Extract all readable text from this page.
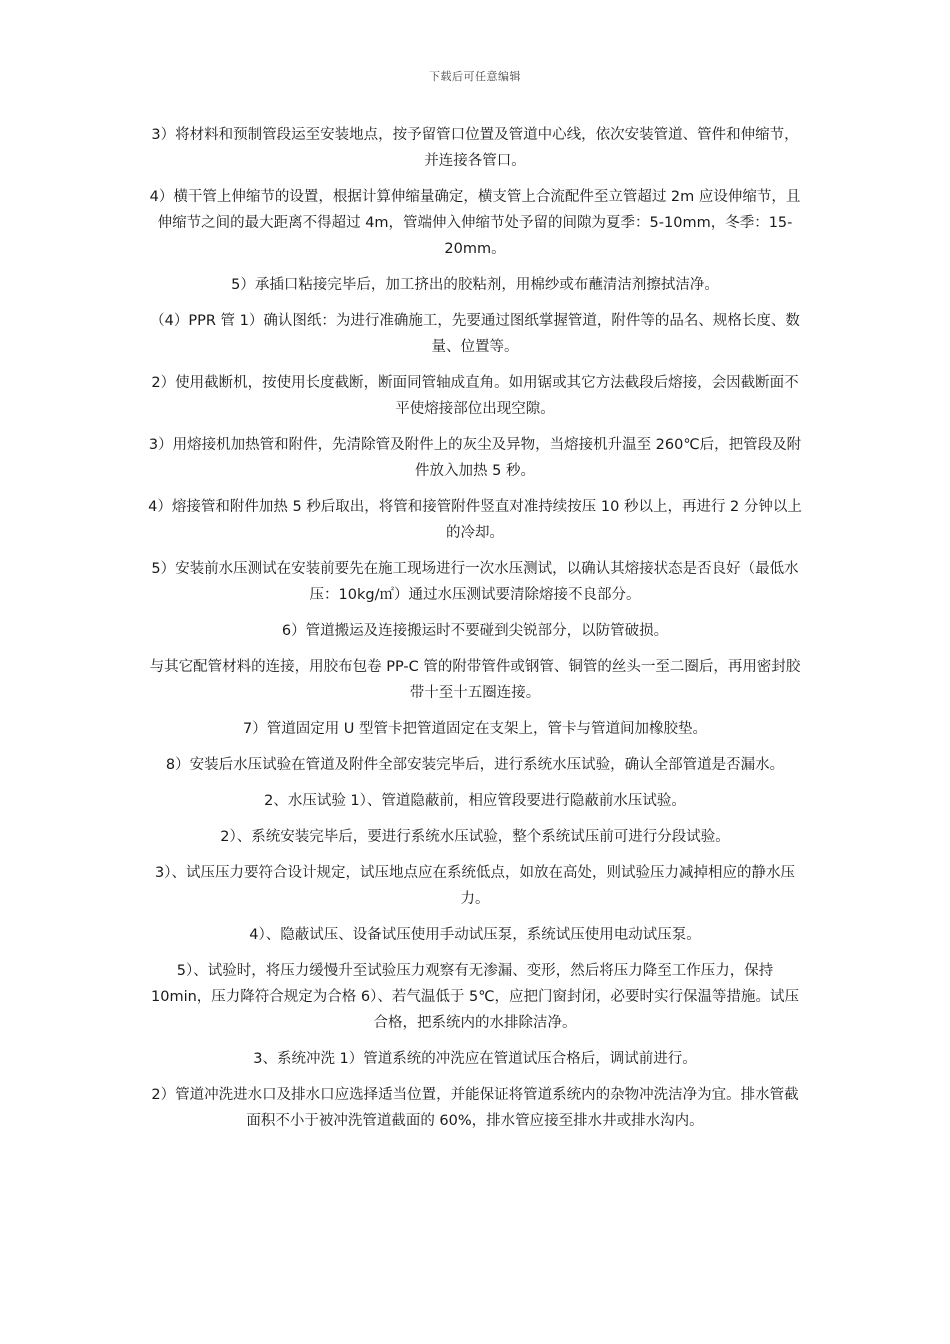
下载后可任意编辑

3）将材料和预制管段运至安装地点，按予留管口位置及管道中心线，依次安装管道、管件和伸缩节，并连接各管口。

4）横干管上伸缩节的设置，根据计算伸缩量确定，横支管上合流配件至立管超过 2m 应设伸缩节，且伸缩节之间的最大距离不得超过 4m，管端伸入伸缩节处予留的间隙为夏季：5-10mm，冬季：15-20mm。

5）承插口粘接完毕后，加工挤出的胶粘剂，用棉纱或布蘸清洁剂擦拭洁净。

（4）PPR 管 1）确认图纸：为进行准确施工，先要通过图纸掌握管道，附件等的品名、规格长度、数量、位置等。

2）使用截断机，按使用长度截断，断面同管轴成直角。如用锯或其它方法截段后熔接，会因截断面不平使熔接部位出现空隙。

3）用熔接机加热管和附件，先清除管及附件上的灰尘及异物，当熔接机升温至 260℃后，把管段及附件放入加热 5 秒。

4）熔接管和附件加热 5 秒后取出，将管和接管附件竖直对准持续按压 10 秒以上，再进行 2 分钟以上的冷却。

5）安装前水压测试在安装前要先在施工现场进行一次水压测试，以确认其熔接状态是否良好（最低水压：10kg/㎡）通过水压测试要清除熔接不良部分。

6）管道搬运及连接搬运时不要碰到尖锐部分，以防管破损。

与其它配管材料的连接，用胶布包卷 PP-C 管的附带管件或钢管、铜管的丝头一至二圈后，再用密封胶带十至十五圈连接。

7）管道固定用 U 型管卡把管道固定在支架上，管卡与管道间加橡胶垫。

8）安装后水压试验在管道及附件全部安装完毕后，进行系统水压试验，确认全部管道是否漏水。

2、水压试验 1）、管道隐蔽前，相应管段要进行隐蔽前水压试验。

2）、系统安装完毕后，要进行系统水压试验，整个系统试压前可进行分段试验。

3）、试压压力要符合设计规定，试压地点应在系统低点，如放在高处，则试验压力减掉相应的静水压力。

4）、隐蔽试压、设备试压使用手动试压泵，系统试压使用电动试压泵。

5）、试验时，将压力缓慢升至试验压力观察有无渗漏、变形，然后将压力降至工作压力，保持 10min，压力降符合规定为合格 6）、若气温低于 5℃，应把门窗封闭，必要时实行保温等措施。试压合格，把系统内的水排除洁净。

3、系统冲洗 1）管道系统的冲洗应在管道试压合格后，调试前进行。

2）管道冲洗进水口及排水口应选择适当位置，并能保证将管道系统内的杂物冲洗洁净为宜。排水管截面积不小于被冲洗管道截面的 60%，排水管应接至排水井或排水沟内。
